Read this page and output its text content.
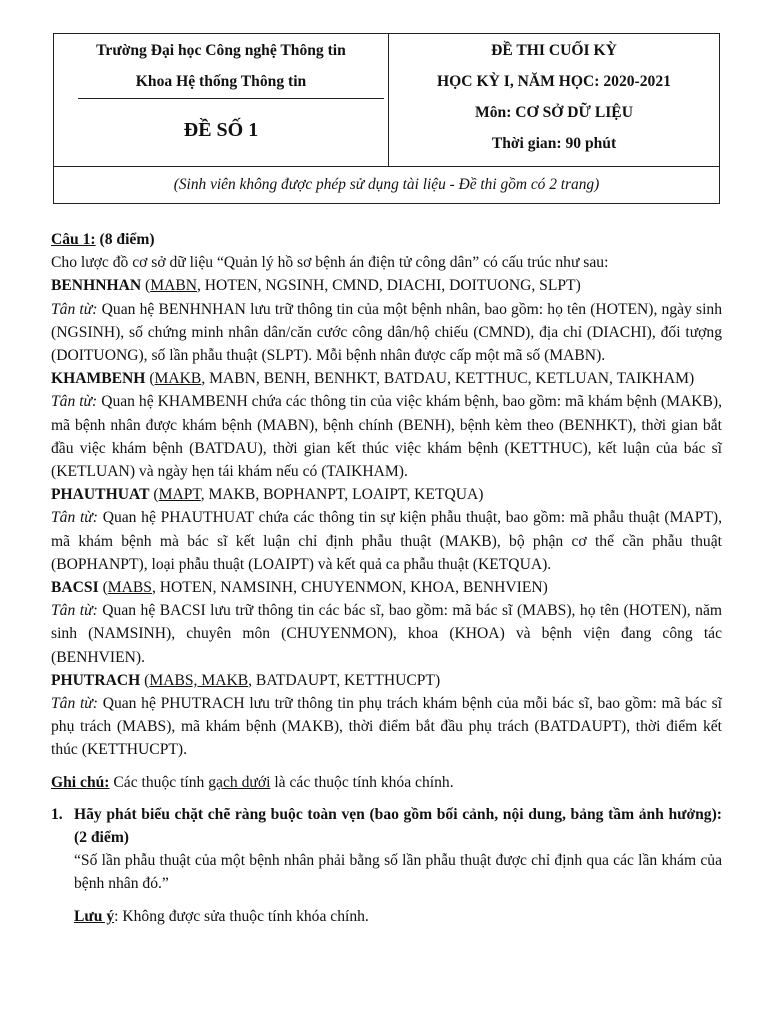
Trường Đại học Công nghệ Thông tin
Khoa Hệ thống Thông tin
ĐỀ SỐ 1
ĐỀ THI CUỐI KỲ
HỌC KỲ I, NĂM HỌC: 2020-2021
Môn: CƠ SỞ DỮ LIỆU
Thời gian: 90 phút
(Sinh viên không được phép sử dụng tài liệu - Đề thi gồm có 2 trang)

Câu 1: (8 điểm)

Cho lược đồ cơ sở dữ liệu “Quản lý hồ sơ bệnh án điện tử công dân” có cấu trúc như sau:

BENHNHAN (MABN, HOTEN, NGSINH, CMND, DIACHI, DOITUONG, SLPT)

Tân từ: Quan hệ BENHNHAN lưu trữ thông tin của một bệnh nhân, bao gồm: họ tên (HOTEN), ngày sinh (NGSINH), số chứng minh nhân dân/căn cước công dân/hộ chiếu (CMND), địa chỉ (DIACHI), đối tượng (DOITUONG), số lần phẫu thuật (SLPT). Mỗi bệnh nhân được cấp một mã số (MABN).

KHAMBENH (MAKB, MABN, BENH, BENHKT, BATDAU, KETTHUC, KETLUAN, TAIKHAM)

Tân từ: Quan hệ KHAMBENH chứa các thông tin của việc khám bệnh, bao gồm: mã khám bệnh (MAKB), mã bệnh nhân được khám bệnh (MABN), bệnh chính (BENH), bệnh kèm theo (BENHKT), thời gian bắt đầu việc khám bệnh (BATDAU), thời gian kết thúc việc khám bệnh (KETTHUC), kết luận của bác sĩ (KETLUAN) và ngày hẹn tái khám nếu có (TAIKHAM).

PHAUTHUAT (MAPT, MAKB, BOPHANPT, LOAIPT, KETQUA)

Tân từ: Quan hệ PHAUTHUAT chứa các thông tin sự kiện phẫu thuật, bao gồm: mã phẫu thuật (MAPT), mã khám bệnh mà bác sĩ kết luận chỉ định phẫu thuật (MAKB), bộ phận cơ thể cần phẫu thuật (BOPHANPT), loại phẫu thuật (LOAIPT) và kết quả ca phẫu thuật (KETQUA).

BACSI (MABS, HOTEN, NAMSINH, CHUYENMON, KHOA, BENHVIEN)

Tân từ: Quan hệ BACSI lưu trữ thông tin các bác sĩ, bao gồm: mã bác sĩ (MABS), họ tên (HOTEN), năm sinh (NAMSINH), chuyên môn (CHUYENMON), khoa (KHOA) và bệnh viện đang công tác (BENHVIEN).

PHUTRACH (MABS, MAKB, BATDAUPT, KETTHUCPT)

Tân từ: Quan hệ PHUTRACH lưu trữ thông tin phụ trách khám bệnh của mỗi bác sĩ, bao gồm: mã bác sĩ phụ trách (MABS), mã khám bệnh (MAKB), thời điểm bắt đầu phụ trách (BATDAUPT), thời điểm kết thúc (KETTHUCPT).

Ghi chú: Các thuộc tính gạch dưới là các thuộc tính khóa chính.

1. Hãy phát biểu chặt chẽ ràng buộc toàn vẹn (bao gồm bối cảnh, nội dung, bảng tầm ảnh hưởng): (2 điểm)

“Số lần phẫu thuật của một bệnh nhân phải bằng số lần phẫu thuật được chỉ định qua các lần khám của bệnh nhân đó.”

Lưu ý: Không được sửa thuộc tính khóa chính.
